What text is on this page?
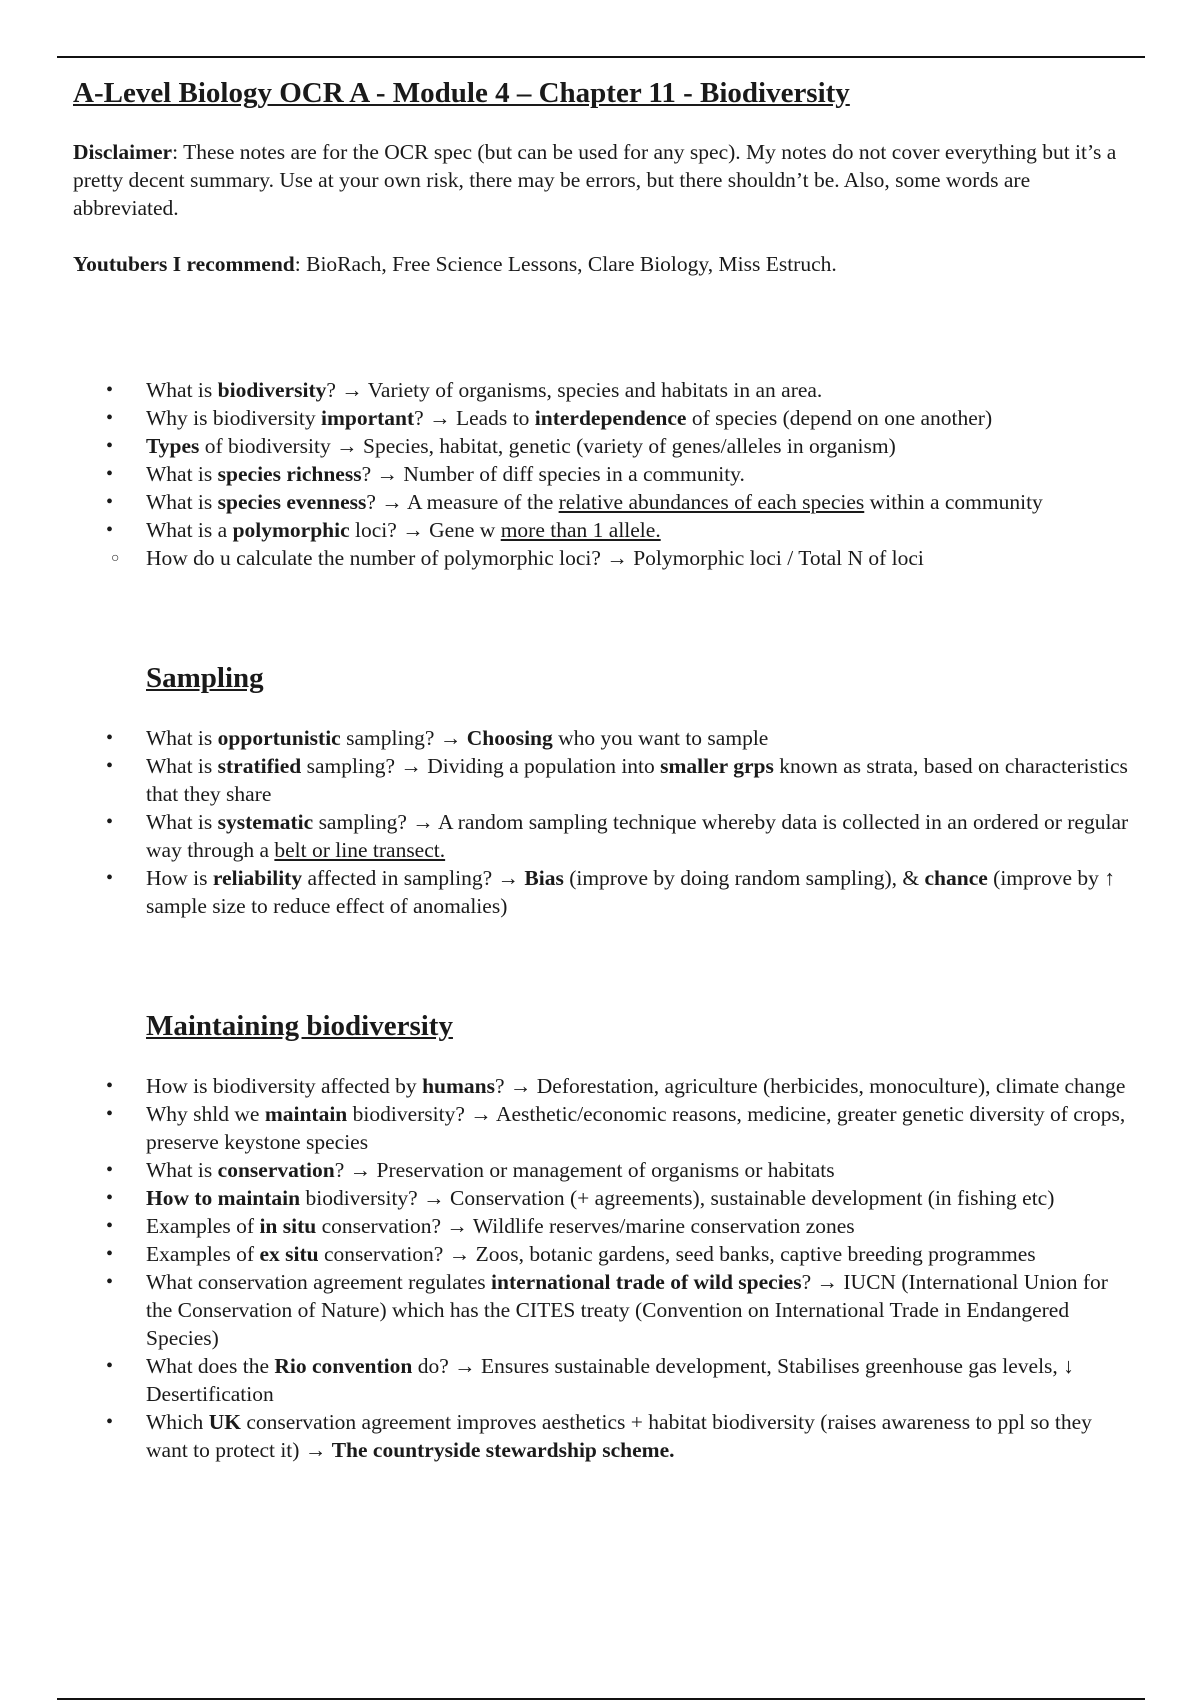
A-Level Biology OCR A - Module 4 – Chapter 11 - Biodiversity

Disclaimer: These notes are for the OCR spec (but can be used for any spec). My notes do not cover everything but it’s a pretty decent summary. Use at your own risk, there may be errors, but there shouldn’t be. Also, some words are abbreviated.

Youtubers I recommend: BioRach, Free Science Lessons, Clare Biology, Miss Estruch.

• What is biodiversity? → Variety of organisms, species and habitats in an area.
• Why is biodiversity important? → Leads to interdependence of species (depend on one another)
• Types of biodiversity → Species, habitat, genetic (variety of genes/alleles in organism)
• What is species richness? → Number of diff species in a community.
• What is species evenness? → A measure of the relative abundances of each species within a community
• What is a polymorphic loci? → Gene w more than 1 allele.
○ How do u calculate the number of polymorphic loci? → Polymorphic loci / Total N of loci
Sampling
• What is opportunistic sampling? → Choosing who you want to sample
• What is stratified sampling? → Dividing a population into smaller grps known as strata, based on characteristics that they share
• What is systematic sampling? → A random sampling technique whereby data is collected in an ordered or regular way through a belt or line transect.
• How is reliability affected in sampling? → Bias (improve by doing random sampling), & chance (improve by ↑ sample size to reduce effect of anomalies)
Maintaining biodiversity
• How is biodiversity affected by humans? → Deforestation, agriculture (herbicides, monoculture), climate change
• Why shld we maintain biodiversity? → Aesthetic/economic reasons, medicine, greater genetic diversity of crops, preserve keystone species
• What is conservation? → Preservation or management of organisms or habitats
• How to maintain biodiversity? → Conservation (+ agreements), sustainable development (in fishing etc)
• Examples of in situ conservation? → Wildlife reserves/marine conservation zones
• Examples of ex situ conservation? → Zoos, botanic gardens, seed banks, captive breeding programmes
• What conservation agreement regulates international trade of wild species? → IUCN (International Union for the Conservation of Nature) which has the CITES treaty (Convention on International Trade in Endangered Species)
• What does the Rio convention do? → Ensures sustainable development, Stabilises greenhouse gas levels, ↓ Desertification
• Which UK conservation agreement improves aesthetics + habitat biodiversity (raises awareness to ppl so they want to protect it) → The countryside stewardship scheme.
